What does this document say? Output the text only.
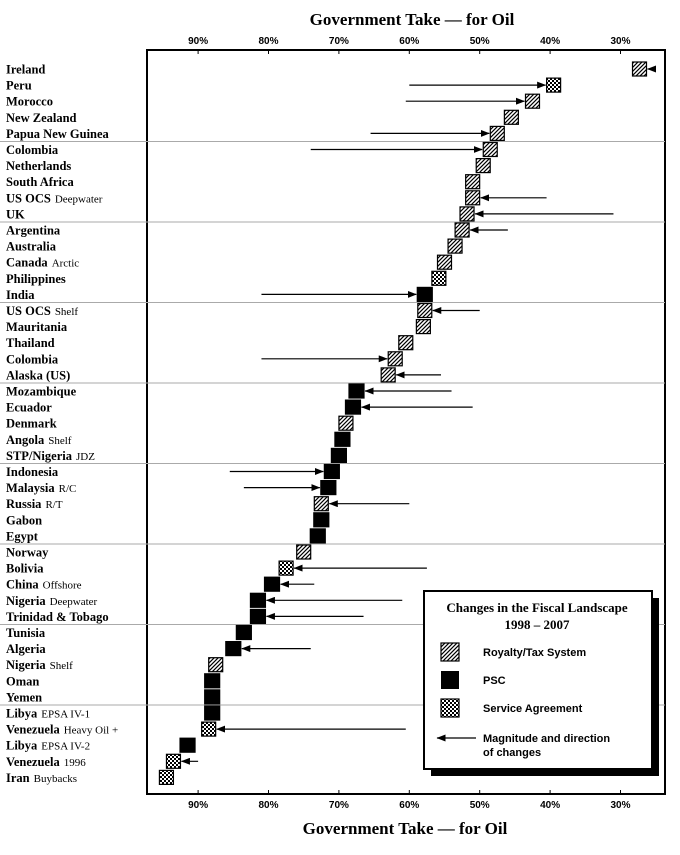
Government Take — for Oil
Government Take — for Oil
90%	80%	70%	60%	50%	40%	30%
90%	80%	70%	60%	50%	40%	30%
Ireland
Peru
Morocco
New Zealand
Papua New Guinea
Colombia
Netherlands
South Africa
US OCS Deepwater
UK
Argentina
Australia
Canada Arctic
Philippines
India
US OCS Shelf
Mauritania
Thailand
Colombia
Alaska (US)
Mozambique
Ecuador
Denmark
Angola Shelf
STP/Nigeria JDZ
Indonesia
Malaysia R/C
Russia R/T
Gabon
Egypt
Norway
Bolivia
China Offshore
Nigeria Deepwater
Trinidad & Tobago
Tunisia
Algeria
Nigeria Shelf
Oman
Yemen
Libya EPSA IV-1
Venezuela Heavy Oil +
Libya EPSA IV-2
Venezuela 1996
Iran Buybacks
Changes in the Fiscal Landscape
1998 – 2007
Royalty/Tax System
PSC
Service Agreement
Magnitude and direction
of changes
